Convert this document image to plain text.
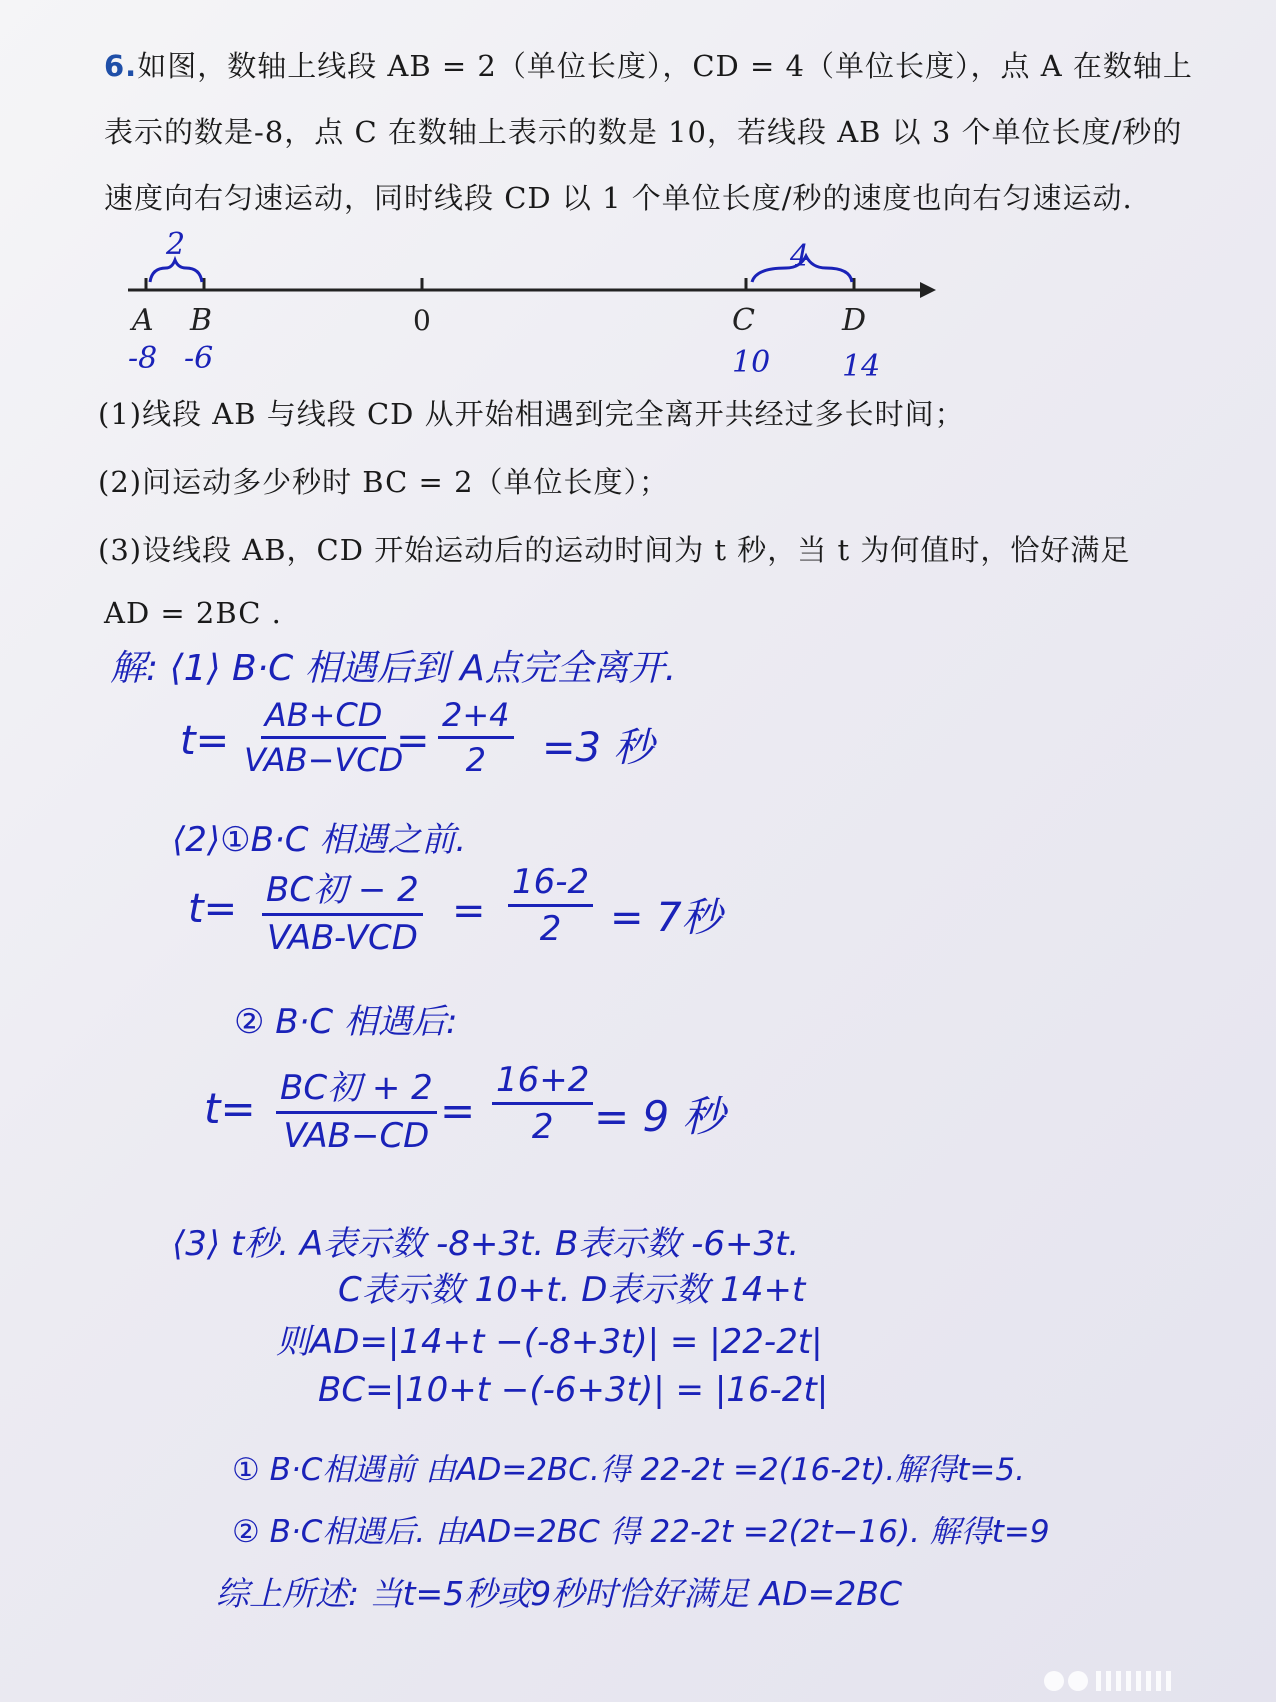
6.如图，数轴上线段 AB = 2（单位长度），CD = 4（单位长度），点 A 在数轴上
表示的数是-8，点 C 在数轴上表示的数是 10，若线段 AB 以 3 个单位长度/秒的
速度向右匀速运动，同时线段 CD 以 1 个单位长度/秒的速度也向右匀速运动.
2	4
A B	0	C	D
-8 -6	10 14
(1)线段 AB 与线段 CD 从开始相遇到完全离开共经过多长时间；
(2)问运动多少秒时 BC = 2（单位长度）；
(3)设线段 AB，CD 开始运动后的运动时间为 t 秒，当 t 为何值时，恰好满足
AD = 2BC .
解: ⟨1⟩ B·C 相遇后到 A点完全离开.
t=
AB+CD
VAB−VCD
= $\frac{2+4}{2} =3$ 秒
⟨2⟩①B·C 相遇之前.
t= BC初 − 2
VAB-VCD
= $\frac{16-2}{2} = 7$秒
② B·C 相遇后:
t= BC初 + 2
VAB−CD
= $\frac{16+2}{2} = 9$ 秒
⟨3⟩ t秒. A表示数 -8+3t. B表示数 -6+3t.
C表示数 10+t. D表示数 14+t
则AD=|14+t −(-8+3t)| = |22-2t|
BC=|10+t −(-6+3t)| = |16-2t|
① B·C相遇前 由AD=2BC.得 22-2t =2(16-2t).解得t=5.
② B·C相遇后. 由AD=2BC 得 22-2t =2(2t−16). 解得t=9
综上所述: 当t=5秒或9秒时恰好满足 AD=2BC
